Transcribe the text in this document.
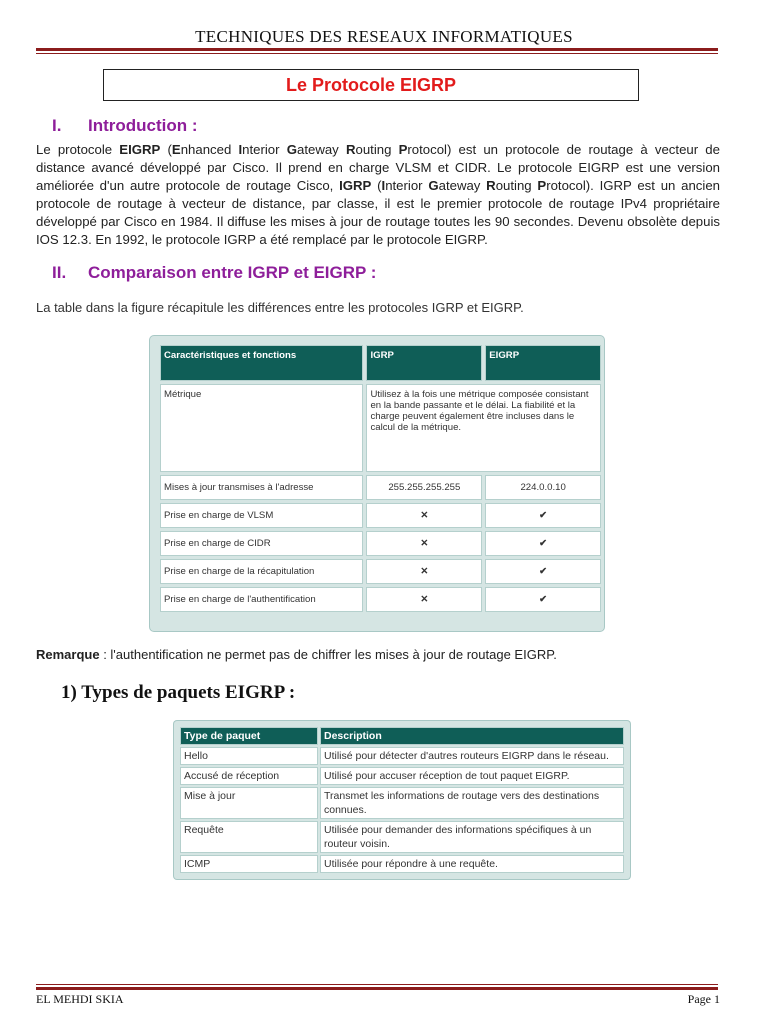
TECHNIQUES DES RESEAUX INFORMATIQUES
Le Protocole EIGRP
I. Introduction :
Le protocole EIGRP (Enhanced Interior Gateway Routing Protocol) est un protocole de routage à vecteur de distance avancé développé par Cisco. Il prend en charge VLSM et CIDR. Le protocole EIGRP est une version améliorée d'un autre protocole de routage Cisco, IGRP (Interior Gateway Routing Protocol). IGRP est un ancien protocole de routage à vecteur de distance, par classe, il est le premier protocole de routage IPv4 propriétaire développé par Cisco en 1984. Il diffuse les mises à jour de routage toutes les 90 secondes. Devenu obsolète depuis IOS 12.3. En 1992, le protocole IGRP a été remplacé par le protocole EIGRP.
II. Comparaison entre IGRP et EIGRP :
La table dans la figure récapitule les différences entre les protocoles IGRP et EIGRP.
Caractéristiques et fonctions	IGRP	EIGRP
Métrique	Utilisez à la fois une métrique composée consistant en la bande passante et le délai. La fiabilité et la charge peuvent également être incluses dans le calcul de la métrique.	
Mises à jour transmises à l'adresse	255.255.255.255	224.0.0.10
Prise en charge de VLSM	✕	✔
Prise en charge de CIDR	✕	✔
Prise en charge de la récapitulation	✕	✔
Prise en charge de l'authentification	✕	✔
Remarque : l'authentification ne permet pas de chiffrer les mises à jour de routage EIGRP.
1) Types de paquets EIGRP :
Type de paquet	Description
Hello	Utilisé pour détecter d'autres routeurs EIGRP dans le réseau.
Accusé de réception	Utilisé pour accuser réception de tout paquet EIGRP.
Mise à jour	Transmet les informations de routage vers des destinations connues.
Requête	Utilisée pour demander des informations spécifiques à un routeur voisin.
ICMP	Utilisée pour répondre à une requête.
EL MEHDI SKIA	Page 1
